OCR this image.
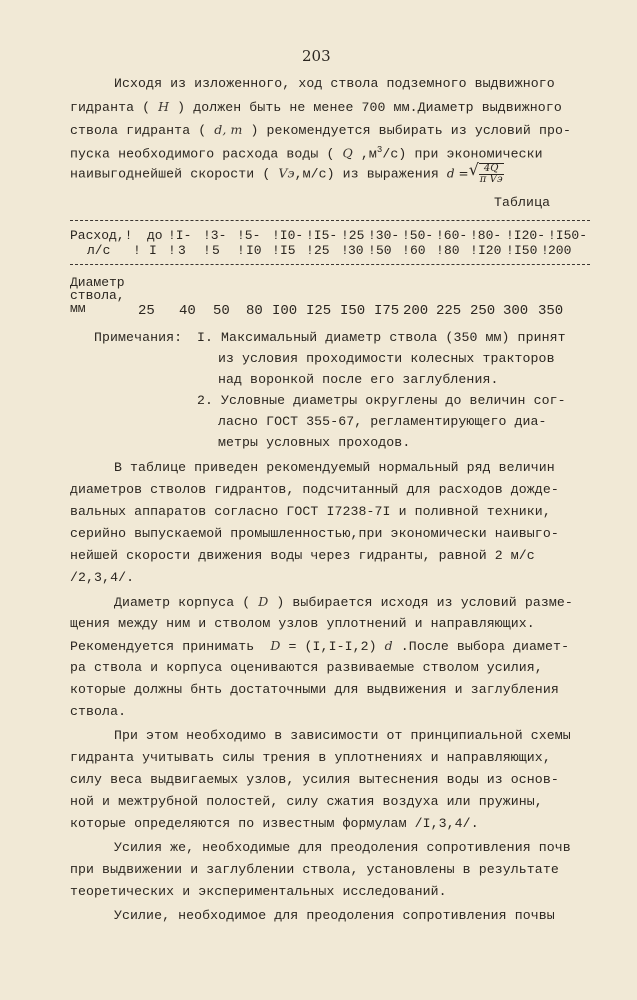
203
Исходя из изложенного, ход ствола подземного выдвижного
гидранта ( H ) должен быть не менее 700 мм.Диаметр выдвижного
ствола гидранта ( d, m ) рекомендуется выбирать из условий про-
пуска необходимого расхода воды ( Q $,м^3/с$) при экономически
наивыгоднейшей скорости ( Vэ,м/с) из выражения d =
√ $\frac{4Q}{\text{π Vэ}}$
Таблица
Расход,! до !I- !3- !5- !I0- !I5- !25 !30- !50- !60- !80- !I20- !I50-
л/с ! I ! 3 ! 5 ! I0 ! I5 ! 25 ! 30 ! 50 ! 60 ! 80 ! I20 ! I50 ! 200
Диаметр
ствола,
мм	25 40 50 80 I00 I25 I50 I75 200 225 250 300 350
Примечания: I. Максимальный диаметр ствола (350 мм) принят
из условия проходимости колесных тракторов
над воронкой после его заглубления.
2. Условные диаметры округлены до величин сог-
ласно ГОСТ 355-67, регламентирующего диа-
метры условных проходов.
В таблице приведен рекомендуемый нормальный ряд величин
диаметров стволов гидрантов, подсчитанный для расходов дожде-
вальных аппаратов согласно ГОСТ I7238-7I и поливной техники,
серийно выпускаемой промышленностью,при экономически наивыго-
нейшей скорости движения воды через гидранты, равной 2 м/с
/2,3,4/.
Диаметр корпуса ( D ) выбирается исходя из условий разме-
щения между ним и стволом узлов уплотнений и направляющих.
Рекомендуется принимать  D = (I,I-I,2) d .После выбора диамет-
ра ствола и корпуса оцениваются развиваемые стволом усилия,
которые должны бнть достаточными для выдвижения и заглубления
ствола.
При этом необходимо в зависимости от принципиальной схемы
гидранта учитывать силы трения в уплотнениях и направляющих,
силу веса выдвигаемых узлов, усилия вытеснения воды из основ-
ной и межтрубной полостей, силу сжатия воздуха или пружины,
которые определяются по известным формулам /I,3,4/.
Усилия же, необходимые для преодоления сопротивления почв
при выдвижении и заглублении ствола, установлены в результате
теоретических и экспериментальных исследований.
Усилие, необходимое для преодоления сопротивления почвы
